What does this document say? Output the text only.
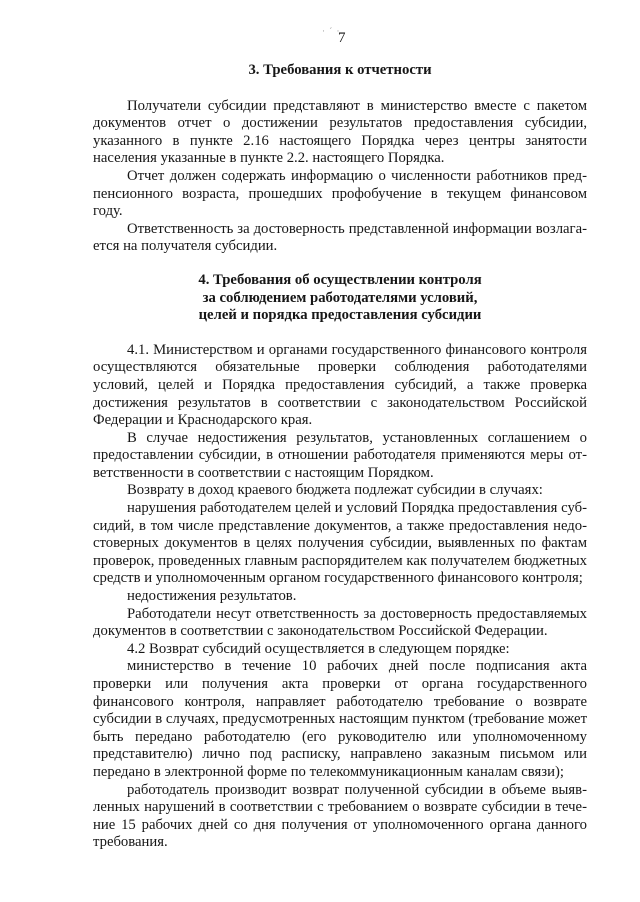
· ´ ·
7
3. Требования к отчетности

Получатели субсидии представляют в министерство вместе с пакетом документов отчет о достижении результатов предоставления субсидии, указанного в пункте 2.16 настоящего Порядка через центры занятости населения указанные в пункте 2.2. настоящего Порядка.

Отчет должен содержать информацию о численности работников предпенсионного возраста, прошедших профобучение в текущем финансовом году.

Ответственность за достоверность представленной информации возлагается на получателя субсидии.

4. Требования об осуществлении контроля
за соблюдением работодателями условий,
целей и порядка предоставления субсидии

4.1. Министерством и органами государственного финансового контроля осуществляются обязательные проверки соблюдения работодателями условий, целей и Порядка предоставления субсидий, а также проверка достижения результатов в соответствии с законодательством Российской Федерации и Краснодарского края.

В случае недостижения результатов, установленных соглашением о предоставлении субсидии, в отношении работодателя применяются меры ответственности в соответствии с настоящим Порядком.

Возврату в доход краевого бюджета подлежат субсидии в случаях:

нарушения работодателем целей и условий Порядка предоставления субсидий, в том числе представление документов, а также предоставления недостоверных документов в целях получения субсидии, выявленных по фактам проверок, проведенных главным распорядителем как получателем бюджетных средств и уполномоченным органом государственного финансового контроля;

недостижения результатов.

Работодатели несут ответственность за достоверность предоставляемых документов в соответствии с законодательством Российской Федерации.

4.2 Возврат субсидий осуществляется в следующем порядке:

министерство в течение 10 рабочих дней после подписания акта проверки или получения акта проверки от органа государственного финансового контроля, направляет работодателю требование о возврате субсидии в случаях, предусмотренных настоящим пунктом (требование может быть передано работодателю (его руководителю или уполномоченному представителю) лично под расписку, направлено заказным письмом или передано в электронной форме по телекоммуникационным каналам связи);

работодатель производит возврат полученной субсидии в объеме выявленных нарушений в соответствии с требованием о возврате субсидии в течение 15 рабочих дней со дня получения от уполномоченного органа данного требования.
